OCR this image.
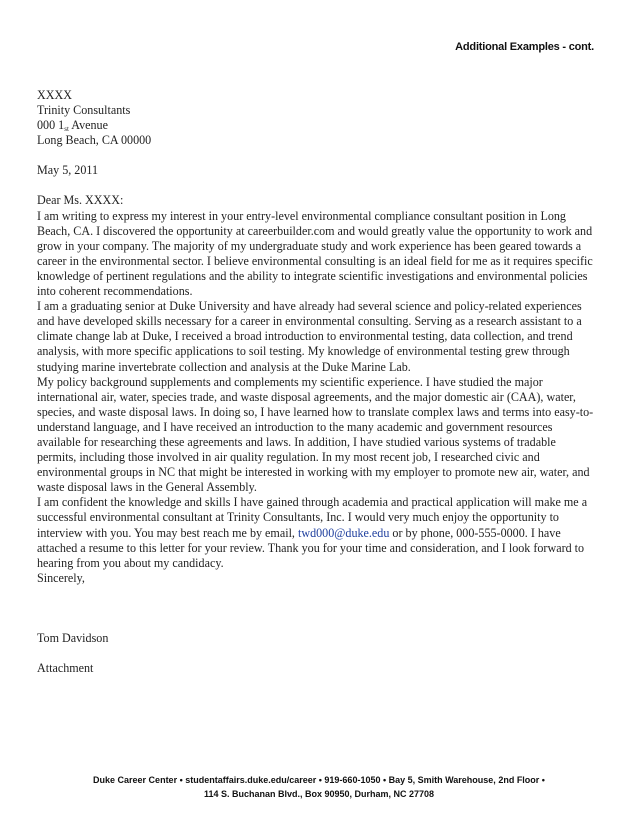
Additional Examples - cont.
XXXX
Trinity Consultants
000 1st Avenue
Long Beach, CA 00000

May 5, 2011

Dear Ms. XXXX:

I am writing to express my interest in your entry-level environmental compliance consultant position in Long Beach, CA. I discovered the opportunity at careerbuilder.com and would greatly value the opportunity to work and grow in your company. The majority of my undergraduate study and work experience has been geared towards a career in the environmental sector. I believe environmental consulting is an ideal field for me as it requires specific knowledge of pertinent regulations and the ability to integrate scientific investigations and environmental policies into coherent recommendations.

I am a graduating senior at Duke University and have already had several science and policy-related experiences and have developed skills necessary for a career in environmental consulting. Serving as a research assistant to a climate change lab at Duke, I received a broad introduction to environmental testing, data collection, and trend analysis, with more specific applications to soil testing. My knowledge of environmental testing grew through studying marine invertebrate collection and analysis at the Duke Marine Lab.

My policy background supplements and complements my scientific experience. I have studied the major international air, water, species trade, and waste disposal agreements, and the major domestic air (CAA), water, species, and waste disposal laws. In doing so, I have learned how to translate complex laws and terms into easy-to-understand language, and I have received an introduction to the many academic and government resources available for researching these agreements and laws. In addition, I have studied various systems of tradable permits, including those involved in air quality regulation. In my most recent job, I researched civic and environmental groups in NC that might be interested in working with my employer to promote new air, water, and waste disposal laws in the General Assembly.

I am confident the knowledge and skills I have gained through academia and practical application will make me a successful environmental consultant at Trinity Consultants, Inc. I would very much enjoy the opportunity to interview with you. You may best reach me by email, twd000@duke.edu or by phone, 000-555-0000. I have attached a resume to this letter for your review. Thank you for your time and consideration, and I look forward to hearing from you about my candidacy.

Sincerely,

Tom Davidson

Attachment

Duke Career Center • studentaffairs.duke.edu/career • 919-660-1050 • Bay 5, Smith Warehouse, 2nd Floor •
114 S. Buchanan Blvd., Box 90950, Durham, NC 27708
